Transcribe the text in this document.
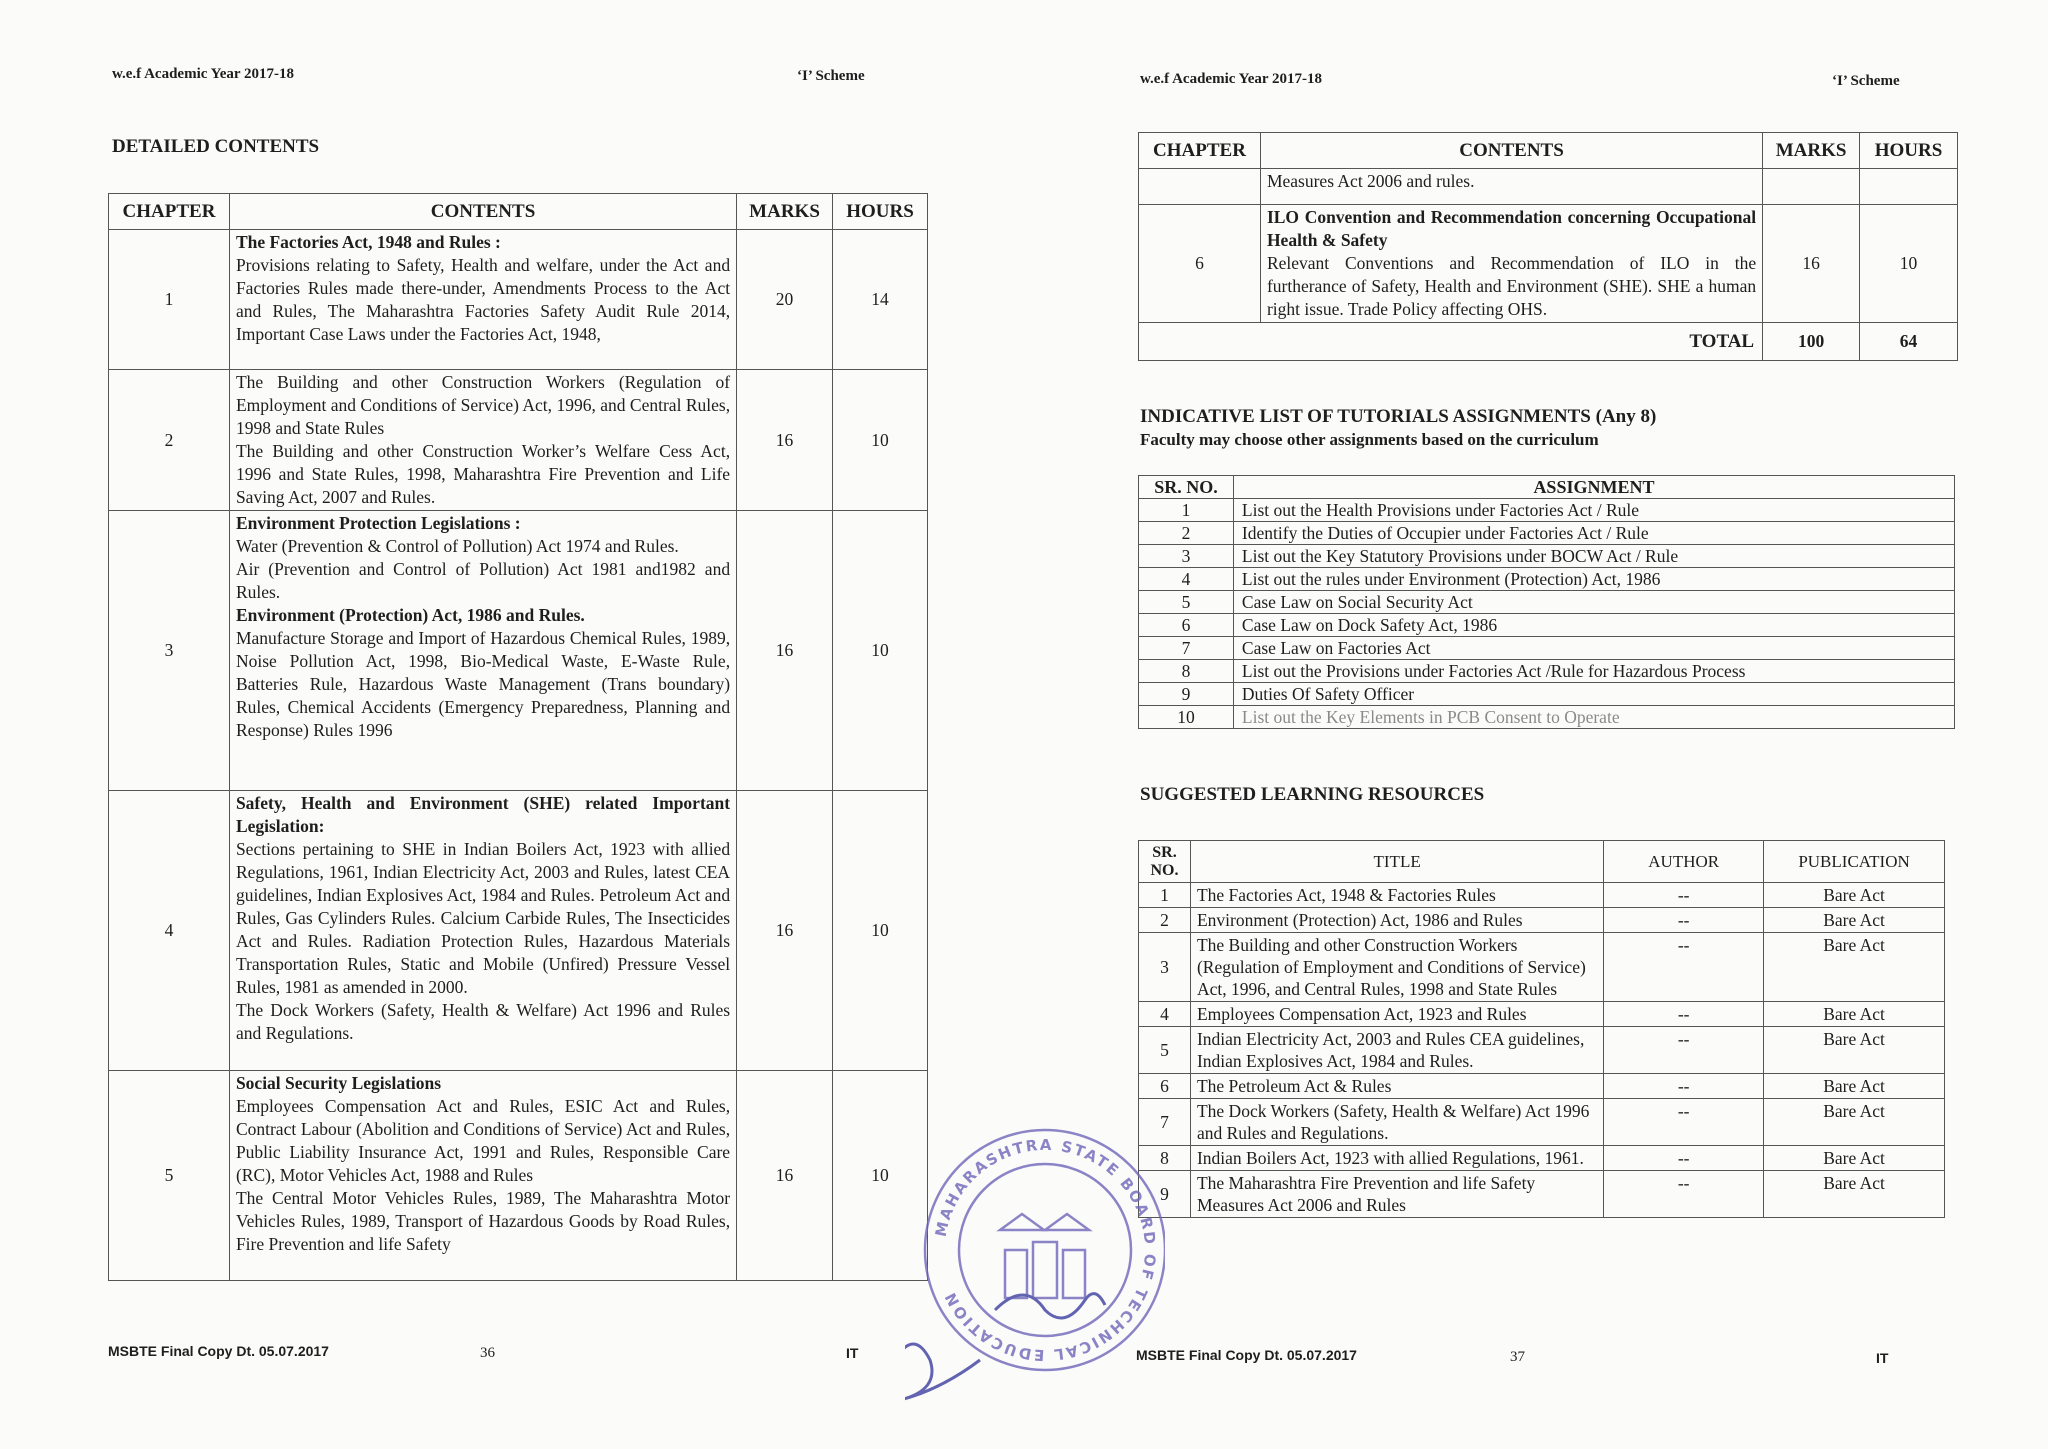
w.e.f Academic Year 2017-18	‘I’ Scheme
DETAILED CONTENTS
CHAPTER	CONTENTS	MARKS	HOURS
1	The Factories Act, 1948 and Rules :

Provisions relating to Safety, Health and welfare, under the Act and Factories Rules made there-under, Amendments Process to the Act and Rules, The Maharashtra Factories Safety Audit Rule 2014, Important Case Laws under the Factories Act, 1948,	20	14
2	The Building and other Construction Workers (Regulation of Employment and Conditions of Service) Act, 1996, and Central Rules, 1998 and State Rules

The Building and other Construction Worker’s Welfare Cess Act, 1996 and State Rules, 1998, Maharashtra Fire Prevention and Life Saving Act, 2007 and Rules.	16	10
3	Environment Protection Legislations :

Water (Prevention & Control of Pollution) Act 1974 and Rules.

Air (Prevention and Control of Pollution) Act 1981 and1982 and Rules.

Environment (Protection) Act, 1986 and Rules.

Manufacture Storage and Import of Hazardous Chemical Rules, 1989, Noise Pollution Act, 1998, Bio-Medical Waste, E-Waste Rule, Batteries Rule, Hazardous Waste Management (Trans boundary) Rules, Chemical Accidents (Emergency Preparedness, Planning and Response) Rules 1996	16	10
4	Safety, Health and Environment (SHE) related Important Legislation:

Sections pertaining to SHE in Indian Boilers Act, 1923 with allied Regulations, 1961, Indian Electricity Act, 2003 and Rules, latest CEA guidelines, Indian Explosives Act, 1984 and Rules. Petroleum Act and Rules, Gas Cylinders Rules. Calcium Carbide Rules, The Insecticides Act and Rules. Radiation Protection Rules, Hazardous Materials Transportation Rules, Static and Mobile (Unfired) Pressure Vessel Rules, 1981 as amended in 2000.

The Dock Workers (Safety, Health & Welfare) Act 1996 and Rules and Regulations.	16	10
5	Social Security Legislations

Employees Compensation Act and Rules, ESIC Act and Rules, Contract Labour (Abolition and Conditions of Service) Act and Rules, Public Liability Insurance Act, 1991 and Rules, Responsible Care (RC), Motor Vehicles Act, 1988 and Rules

The Central Motor Vehicles Rules, 1989, The Maharashtra Motor Vehicles Rules, 1989, Transport of Hazardous Goods by Road Rules, Fire Prevention and life Safety	16	10
MSBTE Final Copy Dt. 05.07.2017	36	IT
w.e.f Academic Year 2017-18	‘I’ Scheme
CHAPTER	CONTENTS	MARKS	HOURS
	Measures Act 2006 and rules.		
6	ILO Convention and Recommendation concerning Occupational Health & Safety

Relevant Conventions and Recommendation of ILO in the furtherance of Safety, Health and Environment (SHE). SHE a human right issue. Trade Policy affecting OHS.	16	10
TOTAL		100	64
INDICATIVE LIST OF TUTORIALS ASSIGNMENTS (Any 8)
Faculty may choose other assignments based on the curriculum
SR. NO.	ASSIGNMENT
1	List out the Health Provisions under Factories Act / Rule
2	Identify the Duties of Occupier under Factories Act / Rule
3	List out the Key Statutory Provisions under BOCW Act / Rule
4	List out the rules under Environment (Protection) Act, 1986
5	Case Law on Social Security Act
6	Case Law on Dock Safety Act, 1986
7	Case Law on Factories Act
8	List out the Provisions under Factories Act /Rule for Hazardous Process
9	Duties Of Safety Officer
10	List out the Key Elements in PCB Consent to Operate
SUGGESTED LEARNING RESOURCES
SR. NO.	TITLE	AUTHOR	PUBLICATION
1	The Factories Act, 1948 & Factories Rules	--	Bare Act
2	Environment (Protection) Act, 1986 and Rules	--	Bare Act
3	The Building and other Construction Workers (Regulation of Employment and Conditions of Service) Act, 1996, and Central Rules, 1998 and State Rules	--	Bare Act
4	Employees Compensation Act, 1923 and Rules	--	Bare Act
5	Indian Electricity Act, 2003 and Rules CEA guidelines, Indian Explosives Act, 1984 and Rules.	--	Bare Act
6	The Petroleum Act & Rules	--	Bare Act
7	The Dock Workers (Safety, Health & Welfare) Act 1996 and Rules and Regulations.	--	Bare Act
8	Indian Boilers Act, 1923 with allied Regulations, 1961.	--	Bare Act
9	The Maharashtra Fire Prevention and life Safety Measures Act 2006 and Rules	--	Bare Act
MSBTE Final Copy Dt. 05.07.2017	37	IT
MAHARASHTRA STATE BOARD OF TECHNICAL EDUCATION
